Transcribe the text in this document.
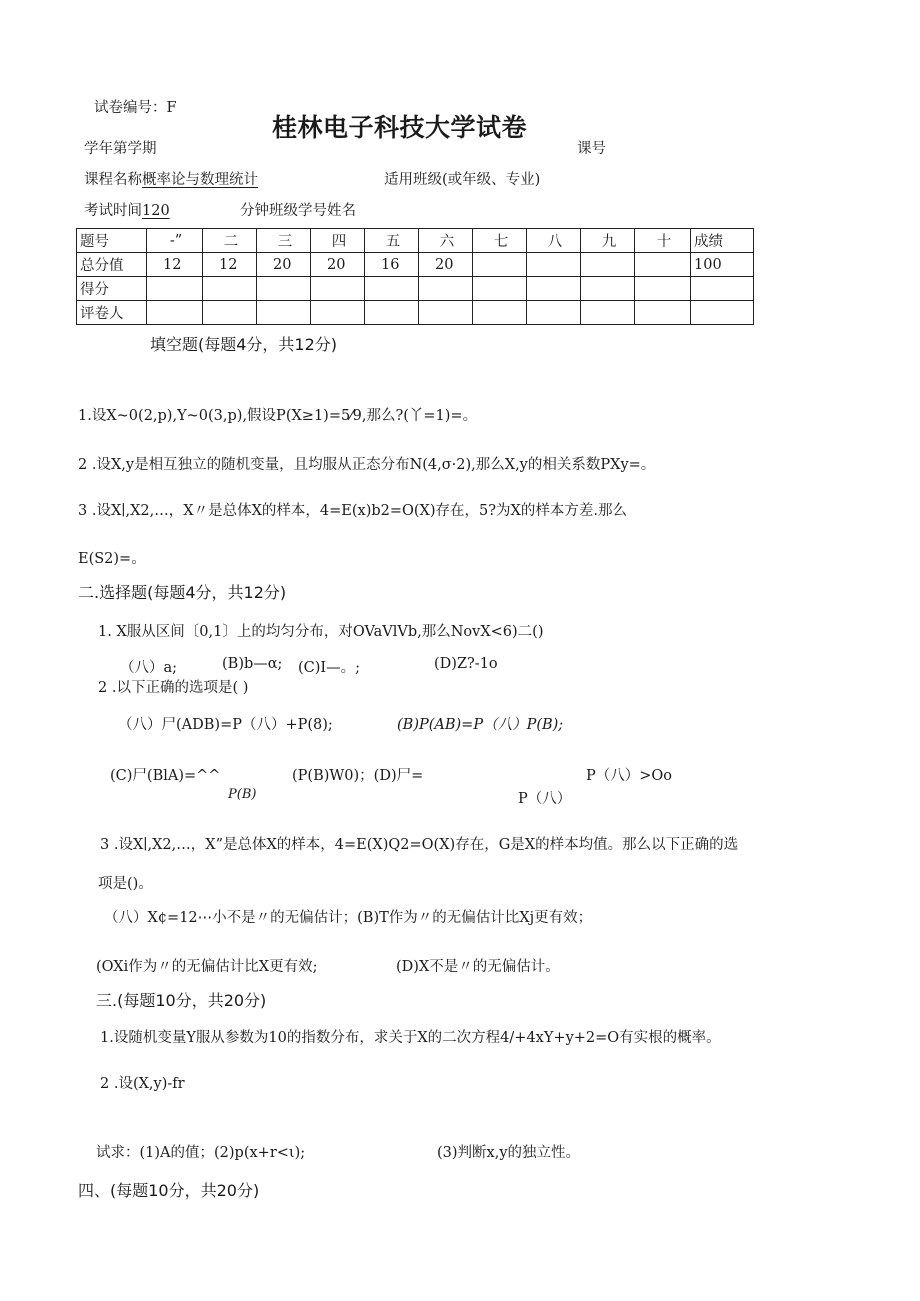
试卷编号：F
桂林电子科技大学试卷
学年第学期	课号
课程名称概率论与数理统计	适用班级(或年级、专业)
考试时间120	分钟班级学号姓名
题号	-”	二	三	四	五	六	七	八	九	十	成绩
总分值	12	12	20	20	16	20					100
得分											
评卷人											
填空题(每题4分，共12分)
1.设X~0(2,p),Y~0(3,p),假设P(X≥1)=5⁄9,那么?(丫=1)=。
2 .设X,y是相互独立的随机变量，且均服从正态分布N(4,σ·2),那么X,y的相关系数PXy=。
3 .设X∣,X2,…，X〃是总体X的样本，4=E(x)b2=O(X)存在，5?为X的样本方差.那么
E(S2)=。
二.选择题(每题4分，共12分)
1. X服从区间〔0,1〕上的均匀分布，对OVaVlVb,那么NovX<6)二()
（八）a;	(B)b—α; (C)I—。;	(D)Z?-1o
2 .以下正确的选项是( )
（八）尸(ADB)=P（八）+P(8);	(B)P(AB)=P（八）P(B);
(C)尸(BlA)=^^	(P(B)W0)；(D)尸=	P（八）>Oo
P(B)	P（八）
3 .设X∣,X2,…，X”是总体X的样本，4=E(X)Q2=O(X)存在，G是X的样本均值。那么以下正确的选
项是()。
（八）X¢=12⋯小不是〃的无偏估计；(B)T作为〃的无偏估计比Xj更有效；
(OXi作为〃的无偏估计比X更有效;	(D)X不是〃的无偏估计。
三.(每题10分，共20分)
1.设随机变量Y服从参数为10的指数分布，求关于X的二次方程4/+4xY+y+2=O有实根的概率。
2 .设(X,y)-fr
试求：(1)A的值；(2)p(x+r<ι);	(3)判断x,y的独立性。
四、(每题10分，共20分)
